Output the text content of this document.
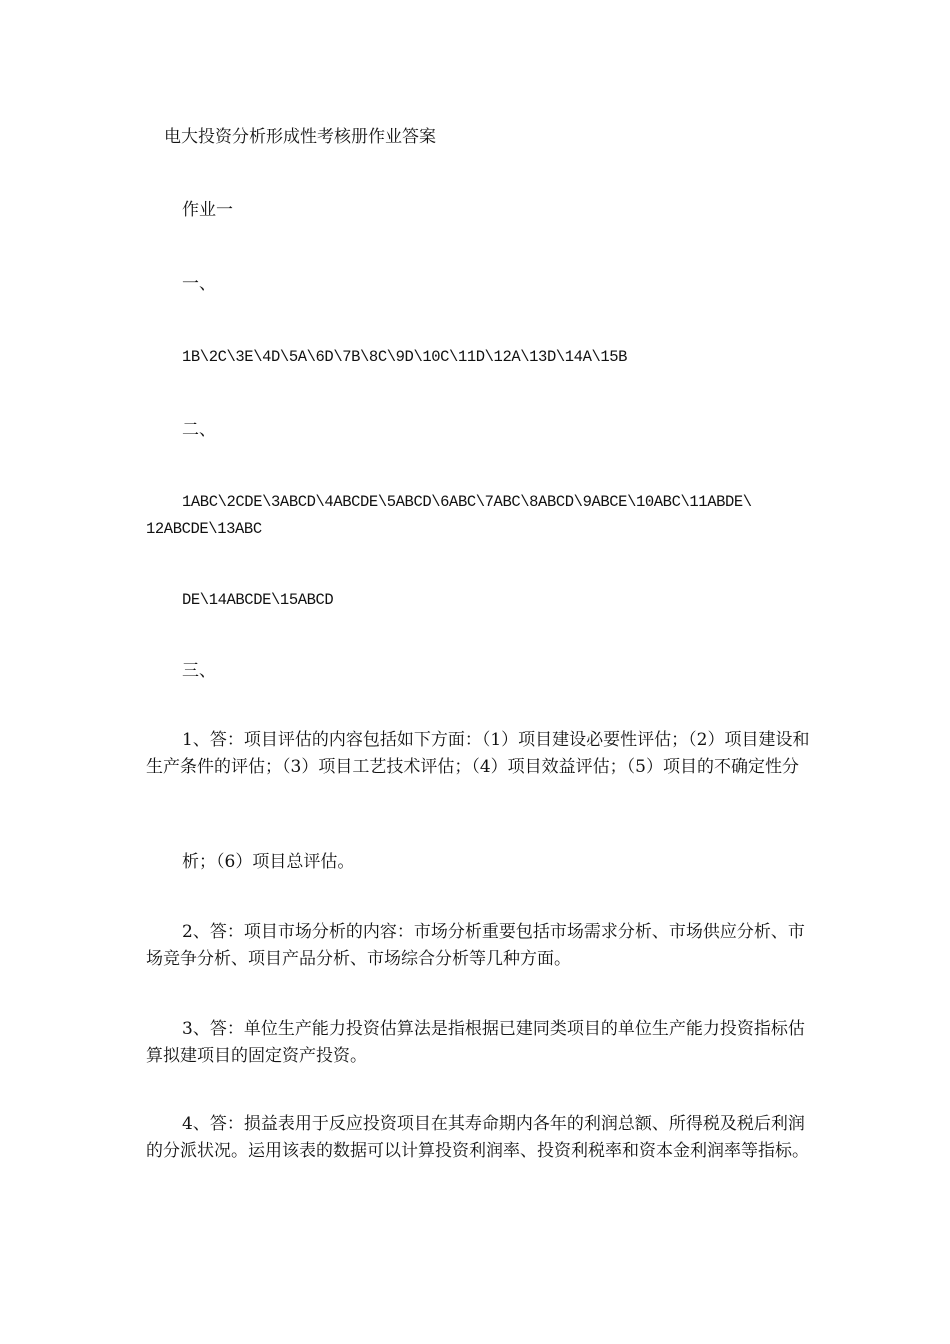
电大投资分析形成性考核册作业答案

作业一

一、

1B\2C\3E\4D\5A\6D\7B\8C\9D\10C\11D\12A\13D\14A\15B

二、

1ABC\2CDE\3ABCD\4ABCDE\5ABCD\6ABC\7ABC\8ABCD\9ABCE\10ABC\11ABDE\

12ABCDE\13ABC

DE\14ABCDE\15ABCD

三、

1、答：项目评估的内容包括如下方面：（1）项目建设必要性评估；（2）项目建设和生产条件的评估；（3）项目工艺技术评估；（4）项目效益评估；（5）项目的不确定性分

析；（6）项目总评估。

2、答：项目市场分析的内容：市场分析重要包括市场需求分析、市场供应分析、市场竞争分析、项目产品分析、市场综合分析等几种方面。

3、答：单位生产能力投资估算法是指根据已建同类项目的单位生产能力投资指标估算拟建项目的固定资产投资。

4、答：损益表用于反应投资项目在其寿命期内各年的利润总额、所得税及税后利润的分派状况。运用该表的数据可以计算投资利润率、投资利税率和资本金利润率等指标。
